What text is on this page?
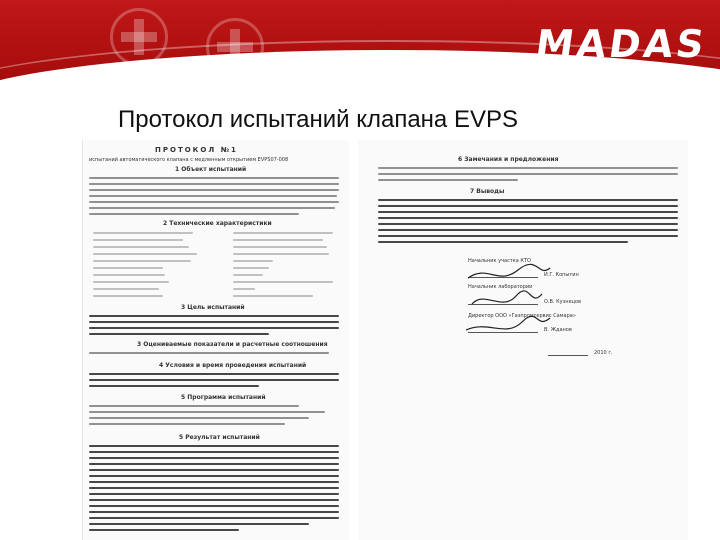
MADAS
Протокол испытаний клапана EVPS
ПРОТОКОЛ №1
испытаний автоматического клапана с медленным открытием EVPS07-008
1 Объект испытаний
2 Технические характеристики
3 Цель испытаний
3 Оцениваемые показатели и расчетные соотношения
4 Условия и время проведения испытаний
5 Программа испытаний
5 Результат испытаний
6 Замечания и предложения
7 Выводы
Начальник участка КТО
И.Г. Копытин
Начальник лаборатории
О.В. Кузнецов
Директор ООО «Газпромсервис Самара»
В. Жданов
2010 г.
